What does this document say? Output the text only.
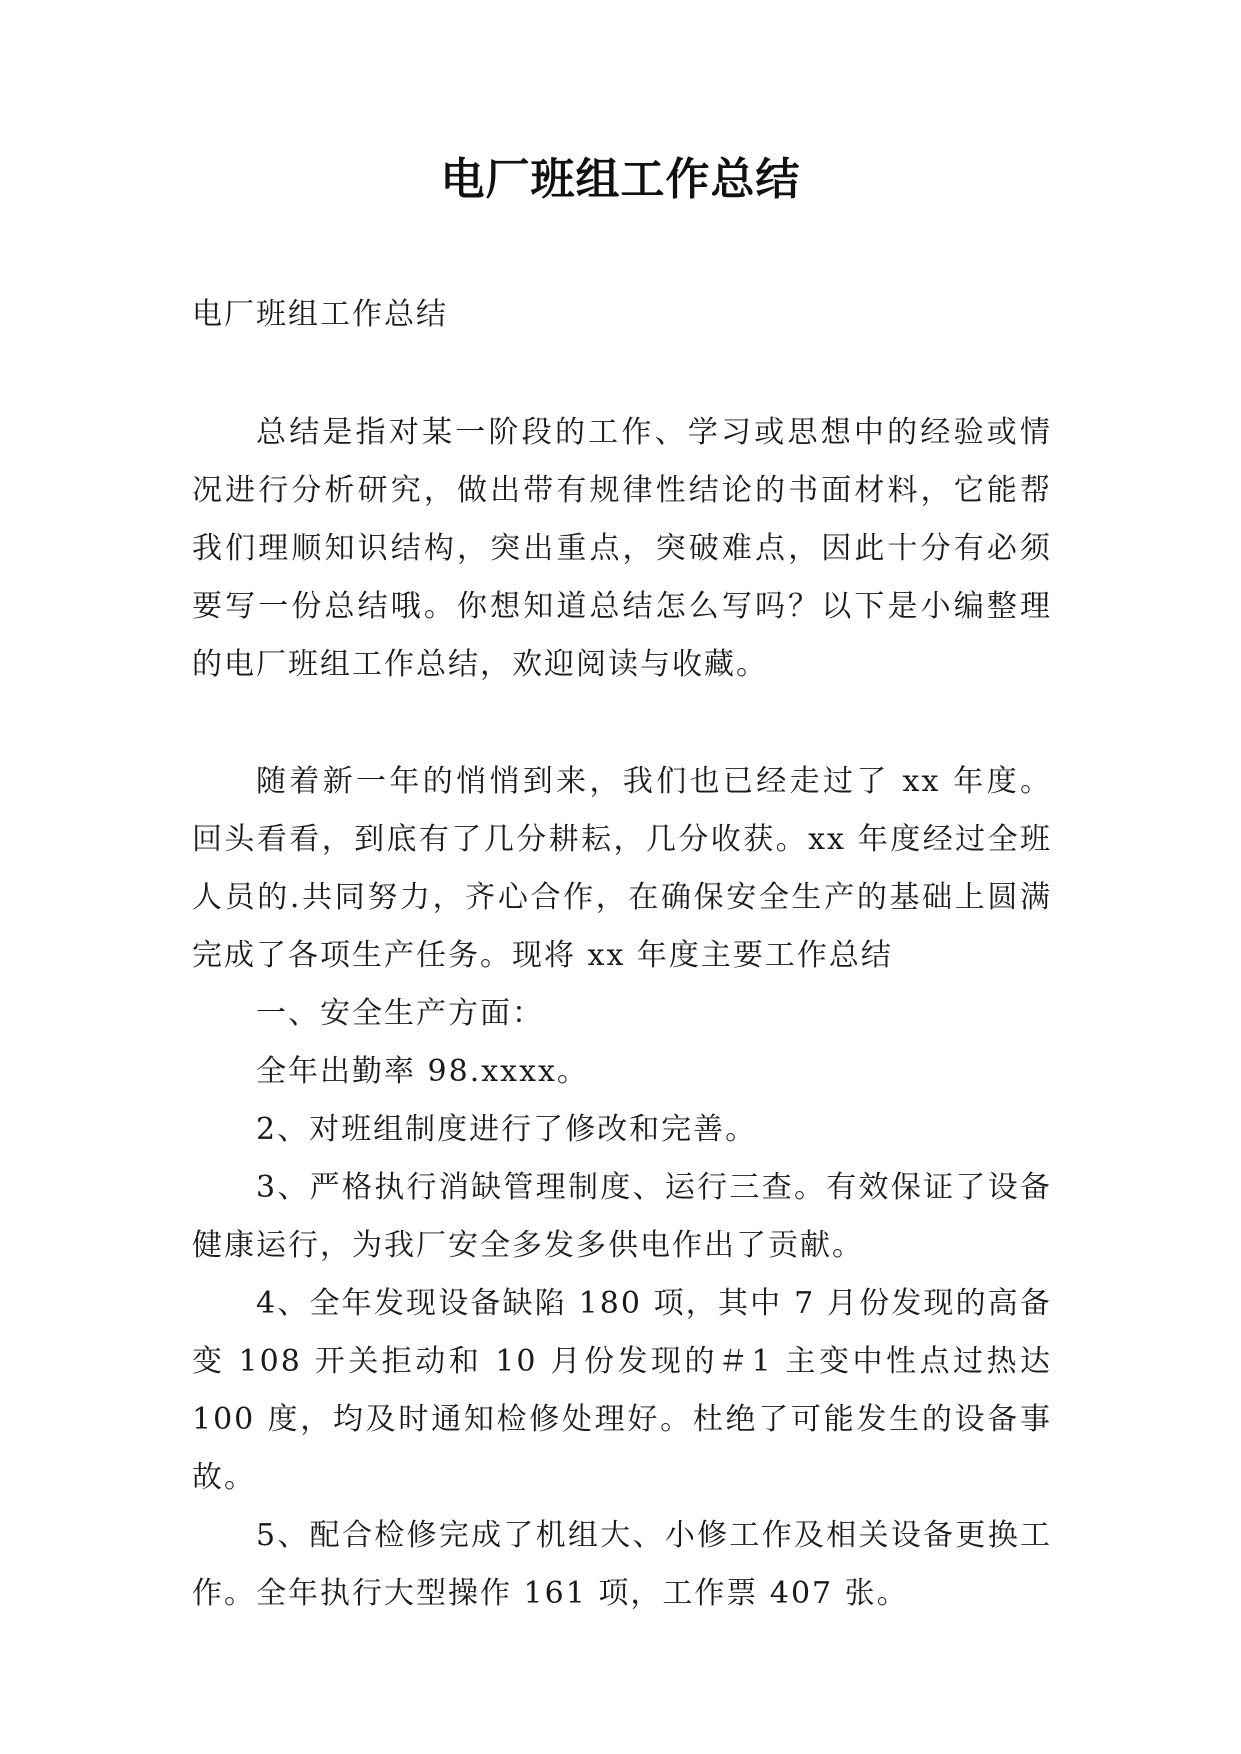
电厂班组工作总结

电厂班组工作总结

总结是指对某一阶段的工作、学习或思想中的经验或情况进行分析研究，做出带有规律性结论的书面材料，它能帮我们理顺知识结构，突出重点，突破难点，因此十分有必须要写一份总结哦。你想知道总结怎么写吗？以下是小编整理的电厂班组工作总结，欢迎阅读与收藏。

随着新一年的悄悄到来，我们也已经走过了 xx 年度。回头看看，到底有了几分耕耘，几分收获。xx 年度经过全班人员的.共同努力，齐心合作，在确保安全生产的基础上圆满完成了各项生产任务。现将 xx 年度主要工作总结

一、安全生产方面：

全年出勤率 98.xxxx。

2、对班组制度进行了修改和完善。

3、严格执行消缺管理制度、运行三查。有效保证了设备健康运行，为我厂安全多发多供电作出了贡献。

4、全年发现设备缺陷 180 项，其中 7 月份发现的高备变 108 开关拒动和 10 月份发现的＃1 主变中性点过热达 100 度，均及时通知检修处理好。杜绝了可能发生的设备事故。

5、配合检修完成了机组大、小修工作及相关设备更换工作。全年执行大型操作 161 项，工作票 407 张。
